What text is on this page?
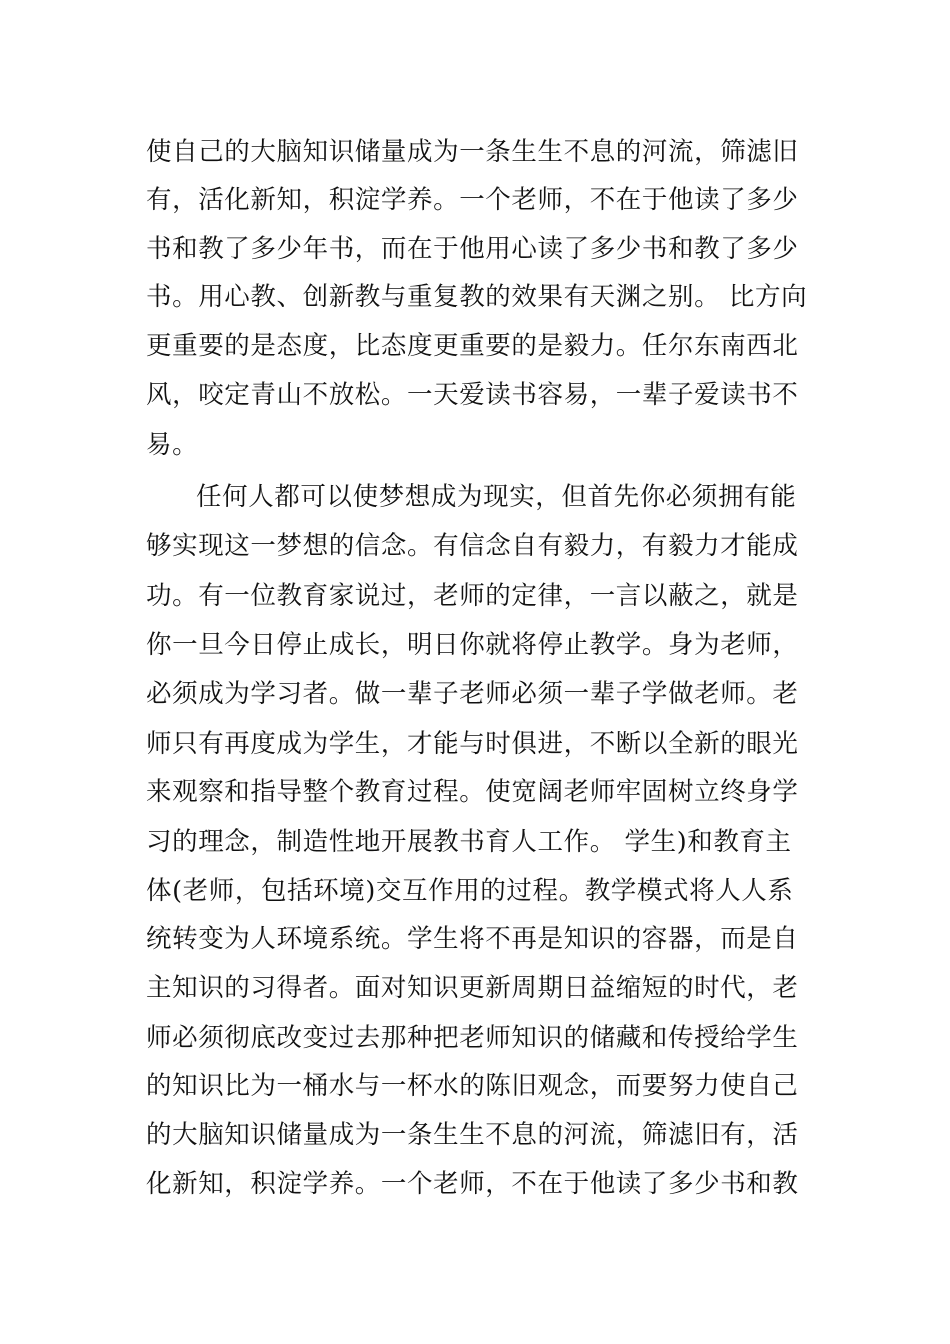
使自己的大脑知识储量成为一条生生不息的河流，筛滤旧
有，活化新知，积淀学养。一个老师，不在于他读了多少
书和教了多少年书，而在于他用心读了多少书和教了多少
书。用心教、创新教与重复教的效果有天渊之别。 比方向
更重要的是态度，比态度更重要的是毅力。任尔东南西北
风，咬定青山不放松。一天爱读书容易，一辈子爱读书不
易。
任何人都可以使梦想成为现实，但首先你必须拥有能
够实现这一梦想的信念。有信念自有毅力，有毅力才能成
功。有一位教育家说过，老师的定律，一言以蔽之，就是
你一旦今日停止成长，明日你就将停止教学。身为老师，
必须成为学习者。做一辈子老师必须一辈子学做老师。老
师只有再度成为学生，才能与时俱进，不断以全新的眼光
来观察和指导整个教育过程。使宽阔老师牢固树立终身学
习的理念，制造性地开展教书育人工作。 学生)和教育主
体(老师，包括环境)交互作用的过程。教学模式将人人系
统转变为人环境系统。学生将不再是知识的容器，而是自
主知识的习得者。面对知识更新周期日益缩短的时代，老
师必须彻底改变过去那种把老师知识的储藏和传授给学生
的知识比为一桶水与一杯水的陈旧观念，而要努力使自己
的大脑知识储量成为一条生生不息的河流，筛滤旧有，活
化新知，积淀学养。一个老师，不在于他读了多少书和教
